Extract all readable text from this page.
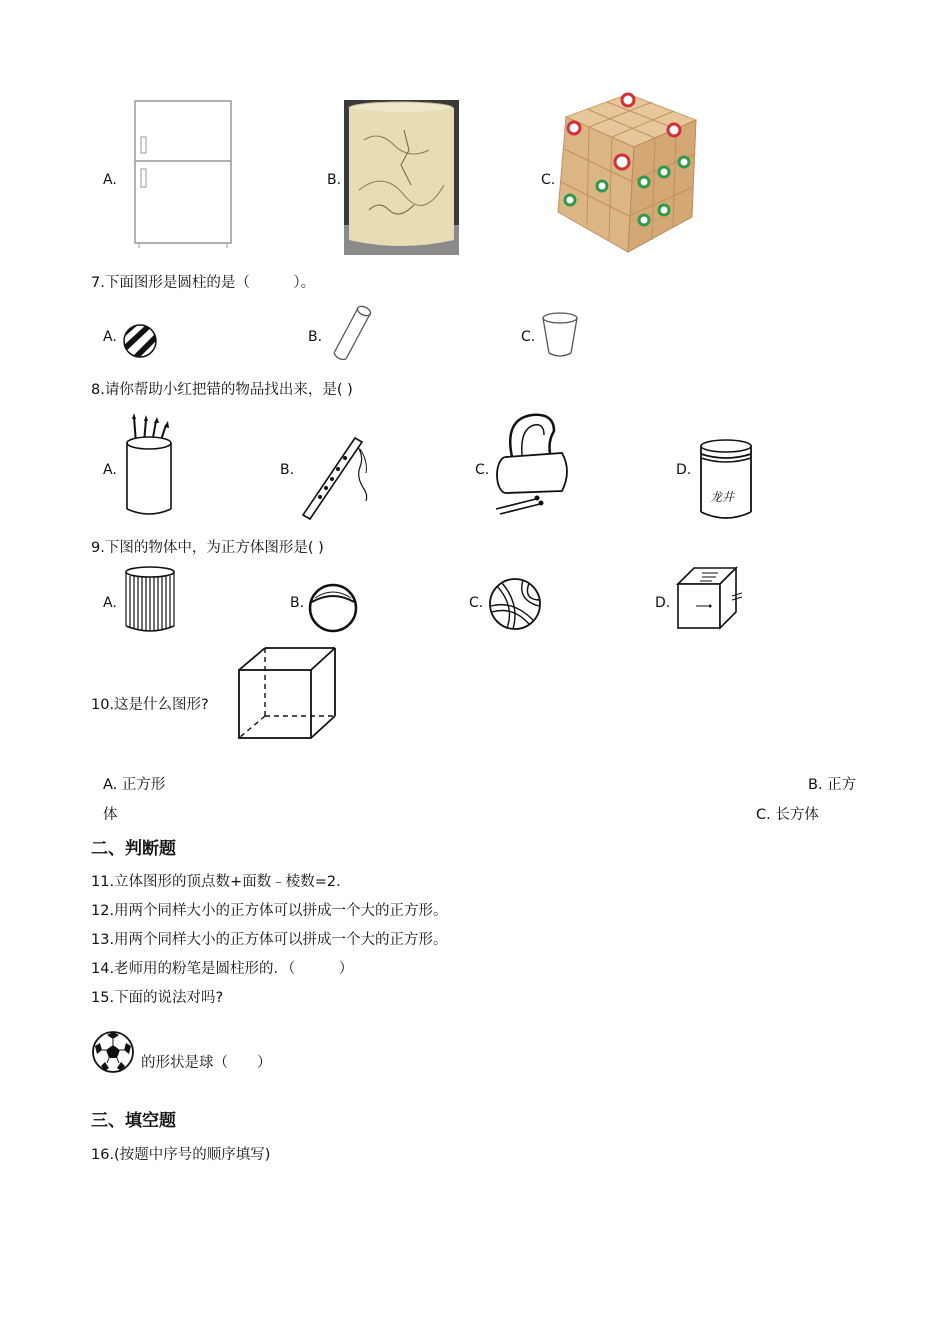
A.	B.	C.
7.下面图形是圆柱的是（　　　）。
A.	B.	C.
8.请你帮助小红把错的物品找出来，是( )
A.	B.	C.	D.
龙井
9.下图的物体中，为正方体图形是( )
A.	B.	C.	D.
10.这是什么图形?
A. 正方形	B. 正方
体	C. 长方体
二、判断题
11.立体图形的顶点数+面数﹣棱数=2．
12.用两个同样大小的正方体可以拼成一个大的正方形。
13.用两个同样大小的正方体可以拼成一个大的正方形。
14.老师用的粉笔是圆柱形的．（　　　）
15.下面的说法对吗?
的形状是球（　　）
三、填空题
16.(按题中序号的顺序填写)
